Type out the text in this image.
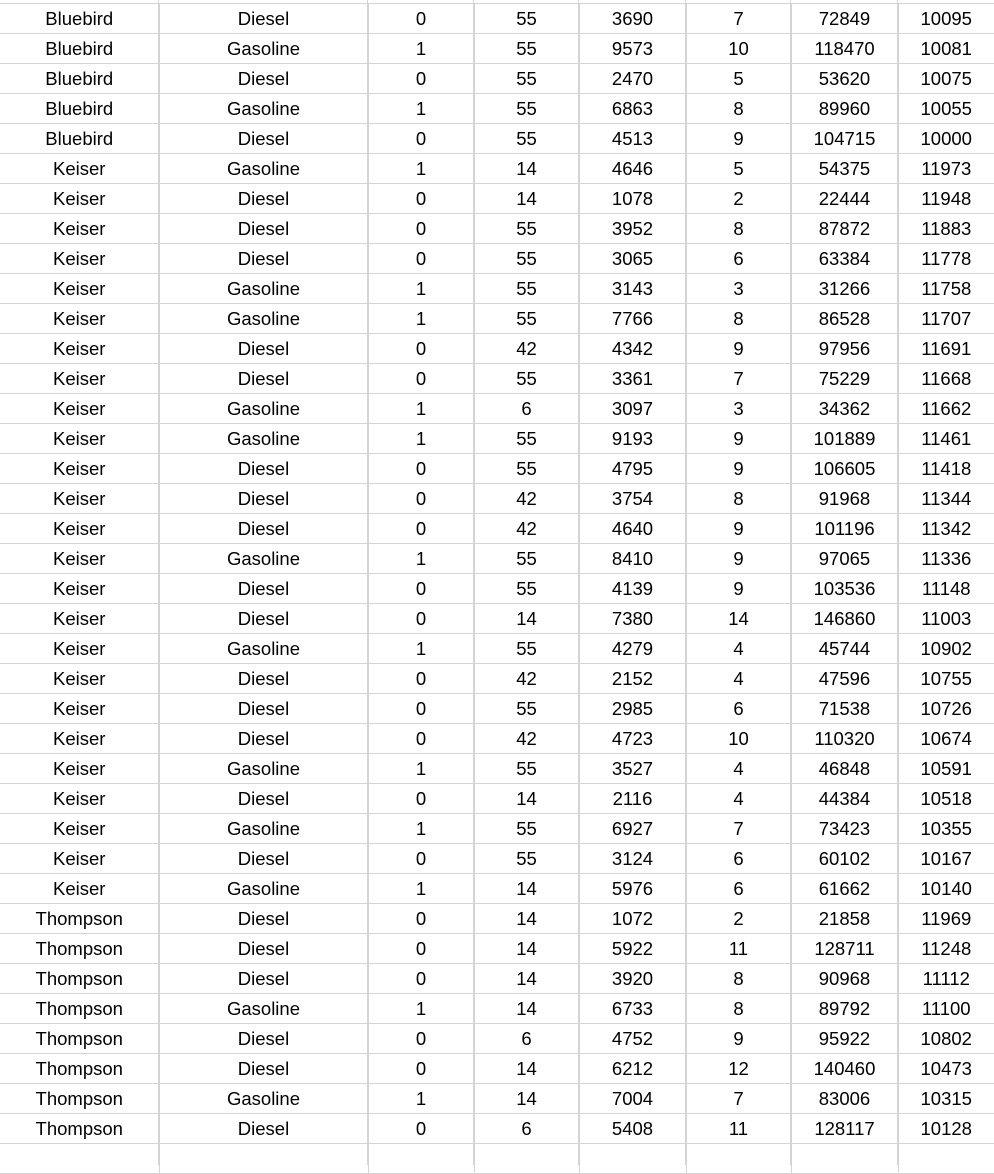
Bluebird	Diesel	0	55	3690	7	72849	10095
Bluebird	Gasoline	1	55	9573	10	118470	10081
Bluebird	Diesel	0	55	2470	5	53620	10075
Bluebird	Gasoline	1	55	6863	8	89960	10055
Bluebird	Diesel	0	55	4513	9	104715	10000
Keiser	Gasoline	1	14	4646	5	54375	11973
Keiser	Diesel	0	14	1078	2	22444	11948
Keiser	Diesel	0	55	3952	8	87872	11883
Keiser	Diesel	0	55	3065	6	63384	11778
Keiser	Gasoline	1	55	3143	3	31266	11758
Keiser	Gasoline	1	55	7766	8	86528	11707
Keiser	Diesel	0	42	4342	9	97956	11691
Keiser	Diesel	0	55	3361	7	75229	11668
Keiser	Gasoline	1	6	3097	3	34362	11662
Keiser	Gasoline	1	55	9193	9	101889	11461
Keiser	Diesel	0	55	4795	9	106605	11418
Keiser	Diesel	0	42	3754	8	91968	11344
Keiser	Diesel	0	42	4640	9	101196	11342
Keiser	Gasoline	1	55	8410	9	97065	11336
Keiser	Diesel	0	55	4139	9	103536	11148
Keiser	Diesel	0	14	7380	14	146860	11003
Keiser	Gasoline	1	55	4279	4	45744	10902
Keiser	Diesel	0	42	2152	4	47596	10755
Keiser	Diesel	0	55	2985	6	71538	10726
Keiser	Diesel	0	42	4723	10	110320	10674
Keiser	Gasoline	1	55	3527	4	46848	10591
Keiser	Diesel	0	14	2116	4	44384	10518
Keiser	Gasoline	1	55	6927	7	73423	10355
Keiser	Diesel	0	55	3124	6	60102	10167
Keiser	Gasoline	1	14	5976	6	61662	10140
Thompson	Diesel	0	14	1072	2	21858	11969
Thompson	Diesel	0	14	5922	11	128711	11248
Thompson	Diesel	0	14	3920	8	90968	11112
Thompson	Gasoline	1	14	6733	8	89792	11100
Thompson	Diesel	0	6	4752	9	95922	10802
Thompson	Diesel	0	14	6212	12	140460	10473
Thompson	Gasoline	1	14	7004	7	83006	10315
Thompson	Diesel	0	6	5408	11	128117	10128
